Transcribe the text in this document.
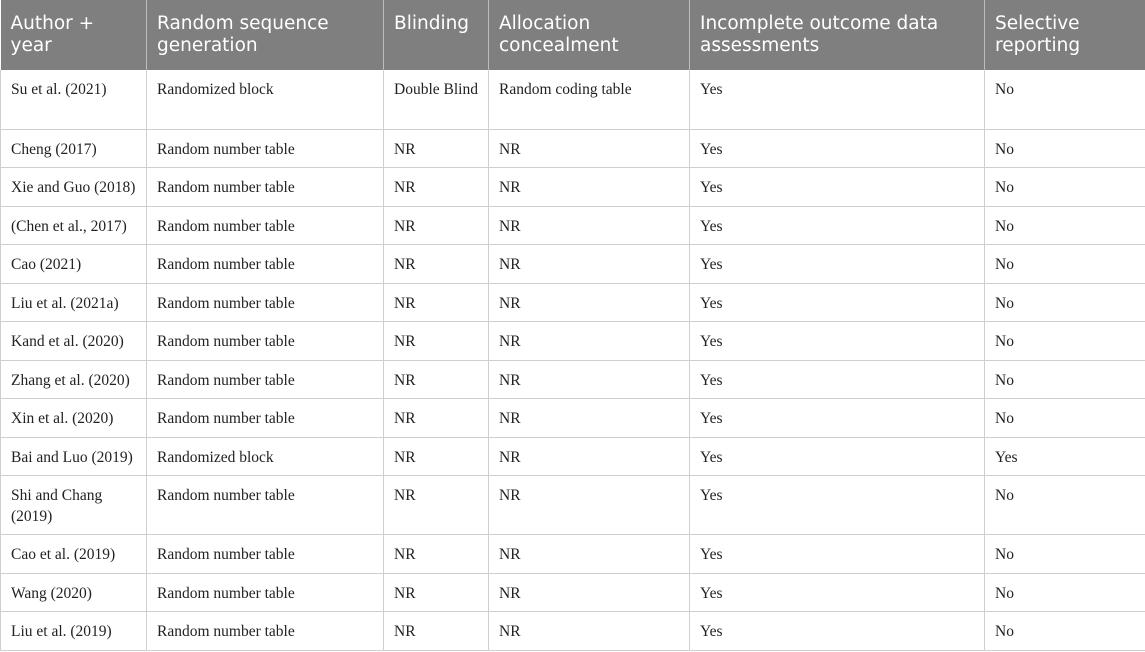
Author + year	Random sequence generation	Blinding	Allocation concealment	Incomplete outcome data assessments	Selective reporting
Su et al. (2021)	Randomized block	Double Blind	Random coding table	Yes	No
Cheng (2017)	Random number table	NR	NR	Yes	No
Xie and Guo (2018)	Random number table	NR	NR	Yes	No
(Chen et al., 2017)	Random number table	NR	NR	Yes	No
Cao (2021)	Random number table	NR	NR	Yes	No
Liu et al. (2021a)	Random number table	NR	NR	Yes	No
Kand et al. (2020)	Random number table	NR	NR	Yes	No
Zhang et al. (2020)	Random number table	NR	NR	Yes	No
Xin et al. (2020)	Random number table	NR	NR	Yes	No
Bai and Luo (2019)	Randomized block	NR	NR	Yes	Yes
Shi and Chang (2019)	Random number table	NR	NR	Yes	No
Cao et al. (2019)	Random number table	NR	NR	Yes	No
Wang (2020)	Random number table	NR	NR	Yes	No
Liu et al. (2019)	Random number table	NR	NR	Yes	No
